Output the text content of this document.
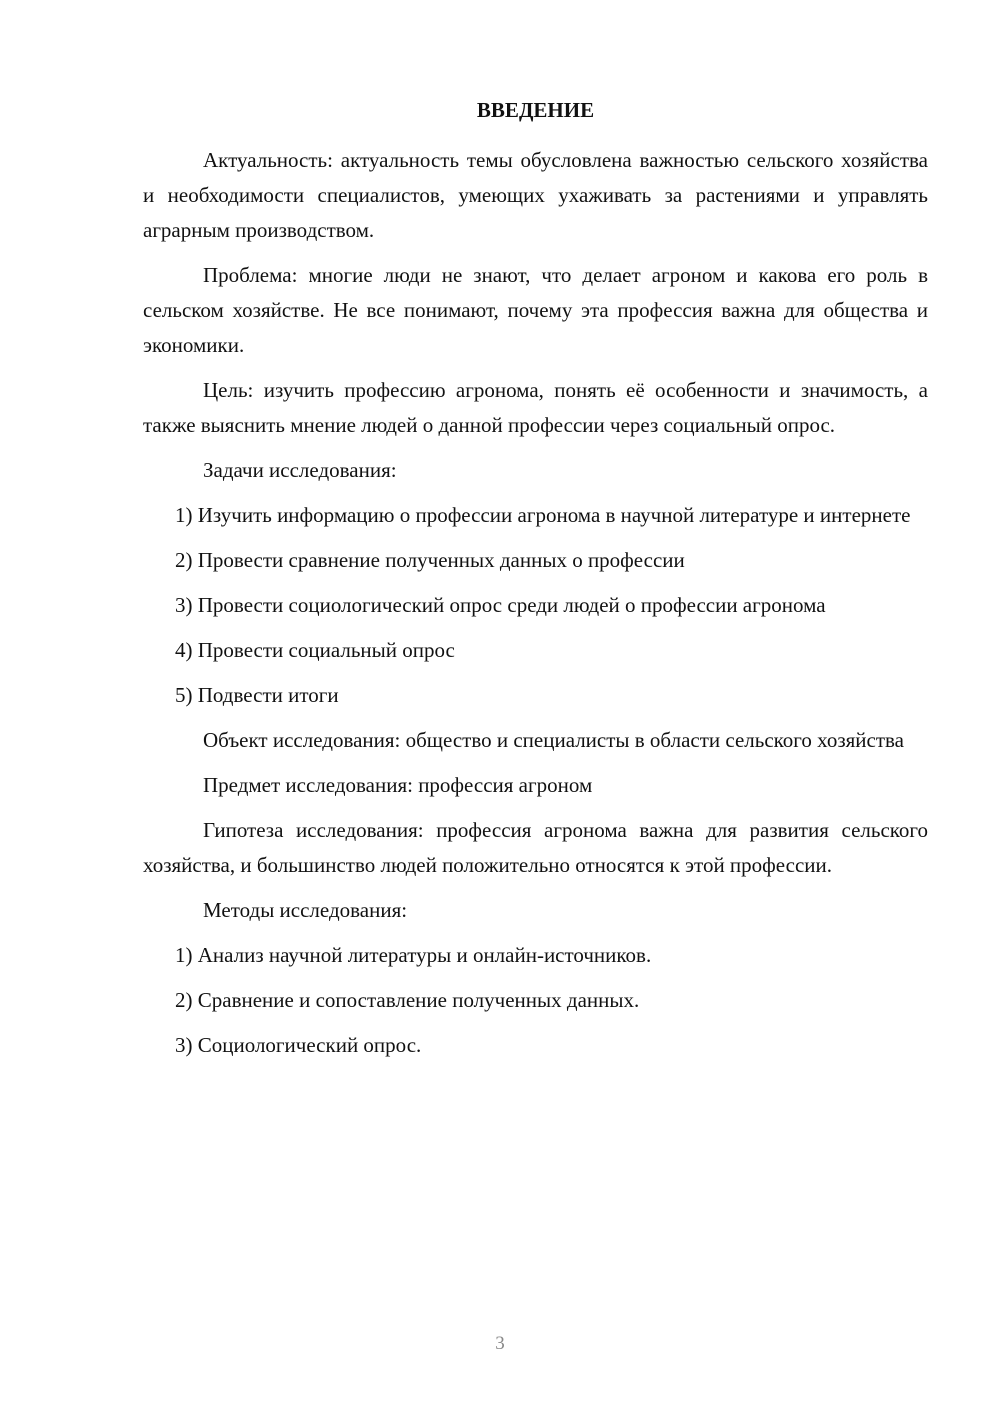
ВВЕДЕНИЕ

Актуальность: актуальность темы обусловлена важностью сельского хозяйства и необходимости специалистов, умеющих ухаживать за растениями и управлять аграрным производством.

Проблема: многие люди не знают, что делает агроном и какова его роль в сельском хозяйстве. Не все понимают, почему эта профессия важна для общества и экономики.

Цель: изучить профессию агронома, понять её особенности и значимость, а также выяснить мнение людей о данной профессии через социальный опрос.

Задачи исследования:

1) Изучить информацию о профессии агронома в научной литературе и интернете

2) Провести сравнение полученных данных о профессии

3) Провести социологический опрос среди людей о профессии агронома

4) Провести социальный опрос

5) Подвести итоги

Объект исследования: общество и специалисты в области сельского хозяйства

Предмет исследования: профессия агроном

Гипотеза исследования: профессия агронома важна для развития сельского хозяйства, и большинство людей положительно относятся к этой профессии.

Методы исследования:

1) Анализ научной литературы и онлайн-источников.

2) Сравнение и сопоставление полученных данных.

3) Социологический опрос.

3
